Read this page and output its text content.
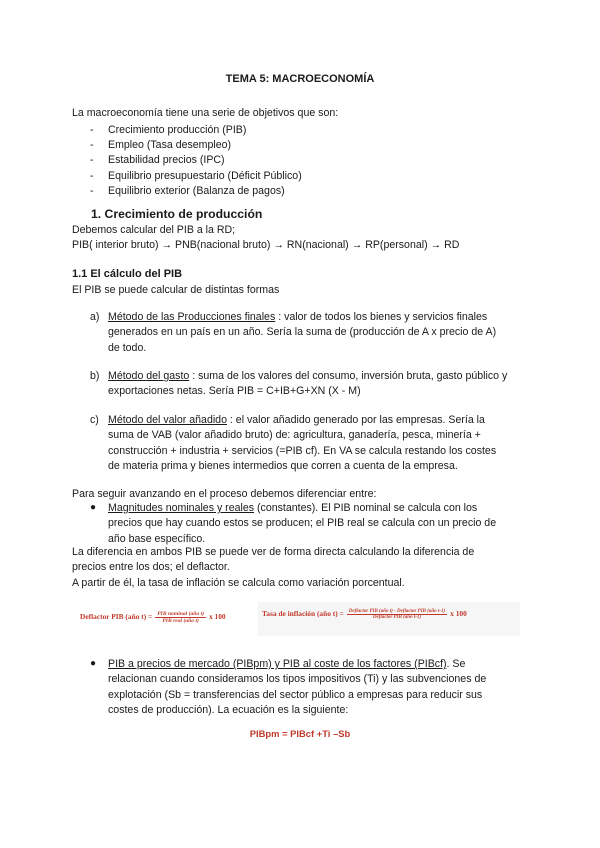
TEMA 5: MACROECONOMÍA
La macroeconomía tiene una serie de objetivos que son:
- Crecimiento producción (PIB)
- Empleo (Tasa desempleo)
- Estabilidad precios (IPC)
- Equilibrio presupuestario (Déficit Público)
- Equilibrio exterior (Balanza de pagos)
1. Crecimiento de producción
Debemos calcular del PIB a la RD;
PIB( interior bruto) → PNB(nacional bruto) → RN(nacional) → RP(personal) → RD
1.1 El cálculo del PIB
El PIB se puede calcular de distintas formas
a) Método de las Producciones finales : valor de todos los bienes y servicios finales
generados en un país en un año. Sería la suma de (producción de A x precio de A)
de todo.
b) Método del gasto : suma de los valores del consumo, inversión bruta, gasto público y
exportaciones netas. Sería PIB = C+IB+G+XN (X - M)
c) Método del valor añadido : el valor añadido generado por las empresas. Sería la
suma de VAB (valor añadido bruto) de: agricultura, ganadería, pesca, minería +
construcción + industria + servicios (=PIB cf). En VA se calcula restando los costes
de materia prima y bienes intermedios que corren a cuenta de la empresa.
Para seguir avanzando en el proceso debemos diferenciar entre:
● Magnitudes nominales y reales (constantes). El PIB nominal se calcula con los
precios que hay cuando estos se producen; el PIB real se calcula con un precio de
año base específico.
La diferencia en ambos PIB se puede ver de forma directa calculando la diferencia de
precios entre los dos; el deflactor.
A partir de él, la tasa de inflación se calcula como variación porcentual.
Deflactor PIB (año $t) = \frac{\text{PIB nominal (año t)}}{\text{PIB real (año t)}}$ x 100	Tasa de inflación (año $t) = \frac{\text{Deflactor PIB (año t) - Deflactor PIB (año t-1)}}{\text{Deflactor PIB (año t-1)}}$ x 100
● PIB a precios de mercado (PIBpm) y PIB al coste de los factores (PIBcf). Se
relacionan cuando consideramos los tipos impositivos (Ti) y las subvenciones de
explotación (Sb = transferencias del sector público a empresas para reducir sus
costes de producción). La ecuación es la siguiente:
PIBpm = PIBcf +Ti –Sb
